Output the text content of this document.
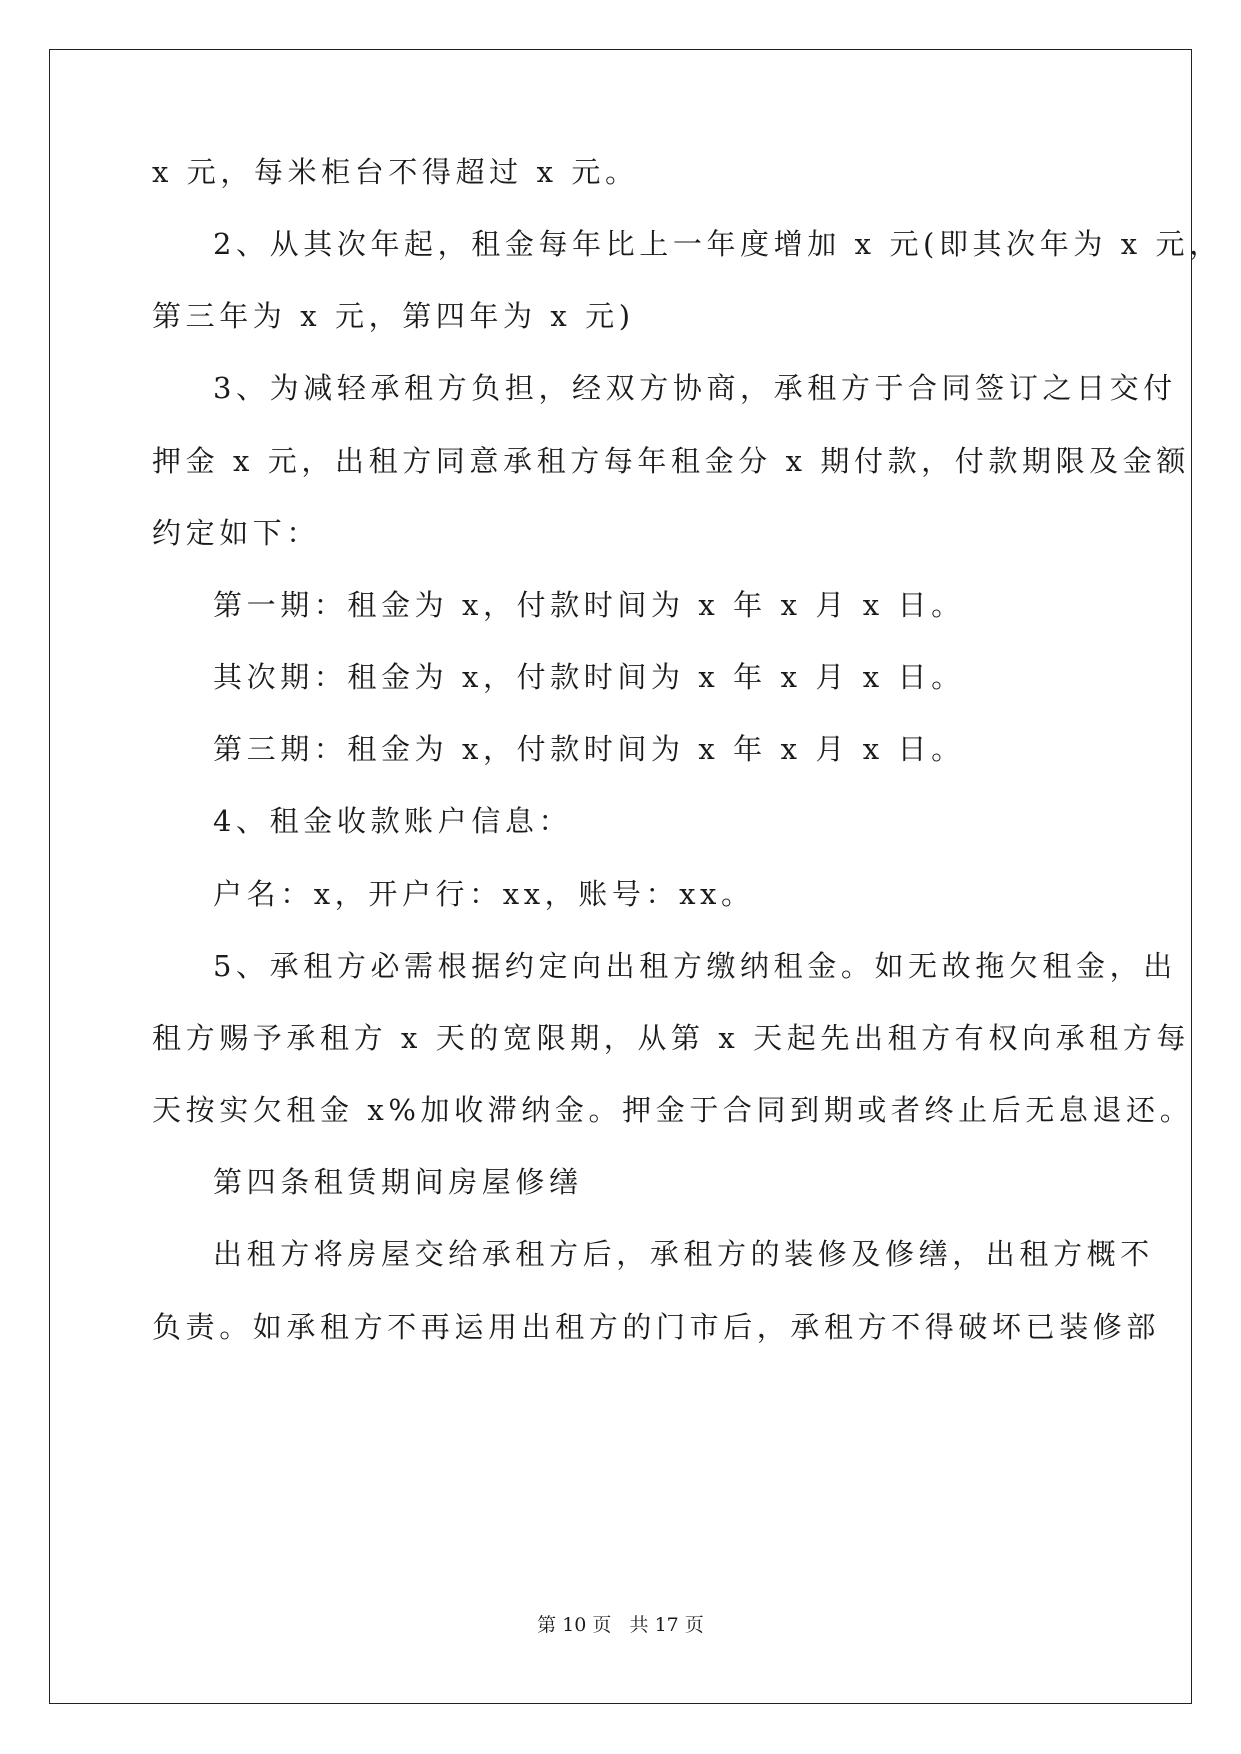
x 元，每米柜台不得超过 x 元。
2、从其次年起，租金每年比上一年度增加 x 元(即其次年为 x 元，
第三年为 x 元，第四年为 x 元)
3、为减轻承租方负担，经双方协商，承租方于合同签订之日交付
押金 x 元，出租方同意承租方每年租金分 x 期付款，付款期限及金额
约定如下：
第一期：租金为 x，付款时间为 x 年 x 月 x 日。
其次期：租金为 x，付款时间为 x 年 x 月 x 日。
第三期：租金为 x，付款时间为 x 年 x 月 x 日。
4、租金收款账户信息：
户名：x，开户行：xx，账号：xx。
5、承租方必需根据约定向出租方缴纳租金。如无故拖欠租金，出
租方赐予承租方 x 天的宽限期，从第 x 天起先出租方有权向承租方每
天按实欠租金 x%加收滞纳金。押金于合同到期或者终止后无息退还。
第四条租赁期间房屋修缮
出租方将房屋交给承租方后，承租方的装修及修缮，出租方概不
负责。如承租方不再运用出租方的门市后，承租方不得破坏已装修部
第 10 页   共 17 页
